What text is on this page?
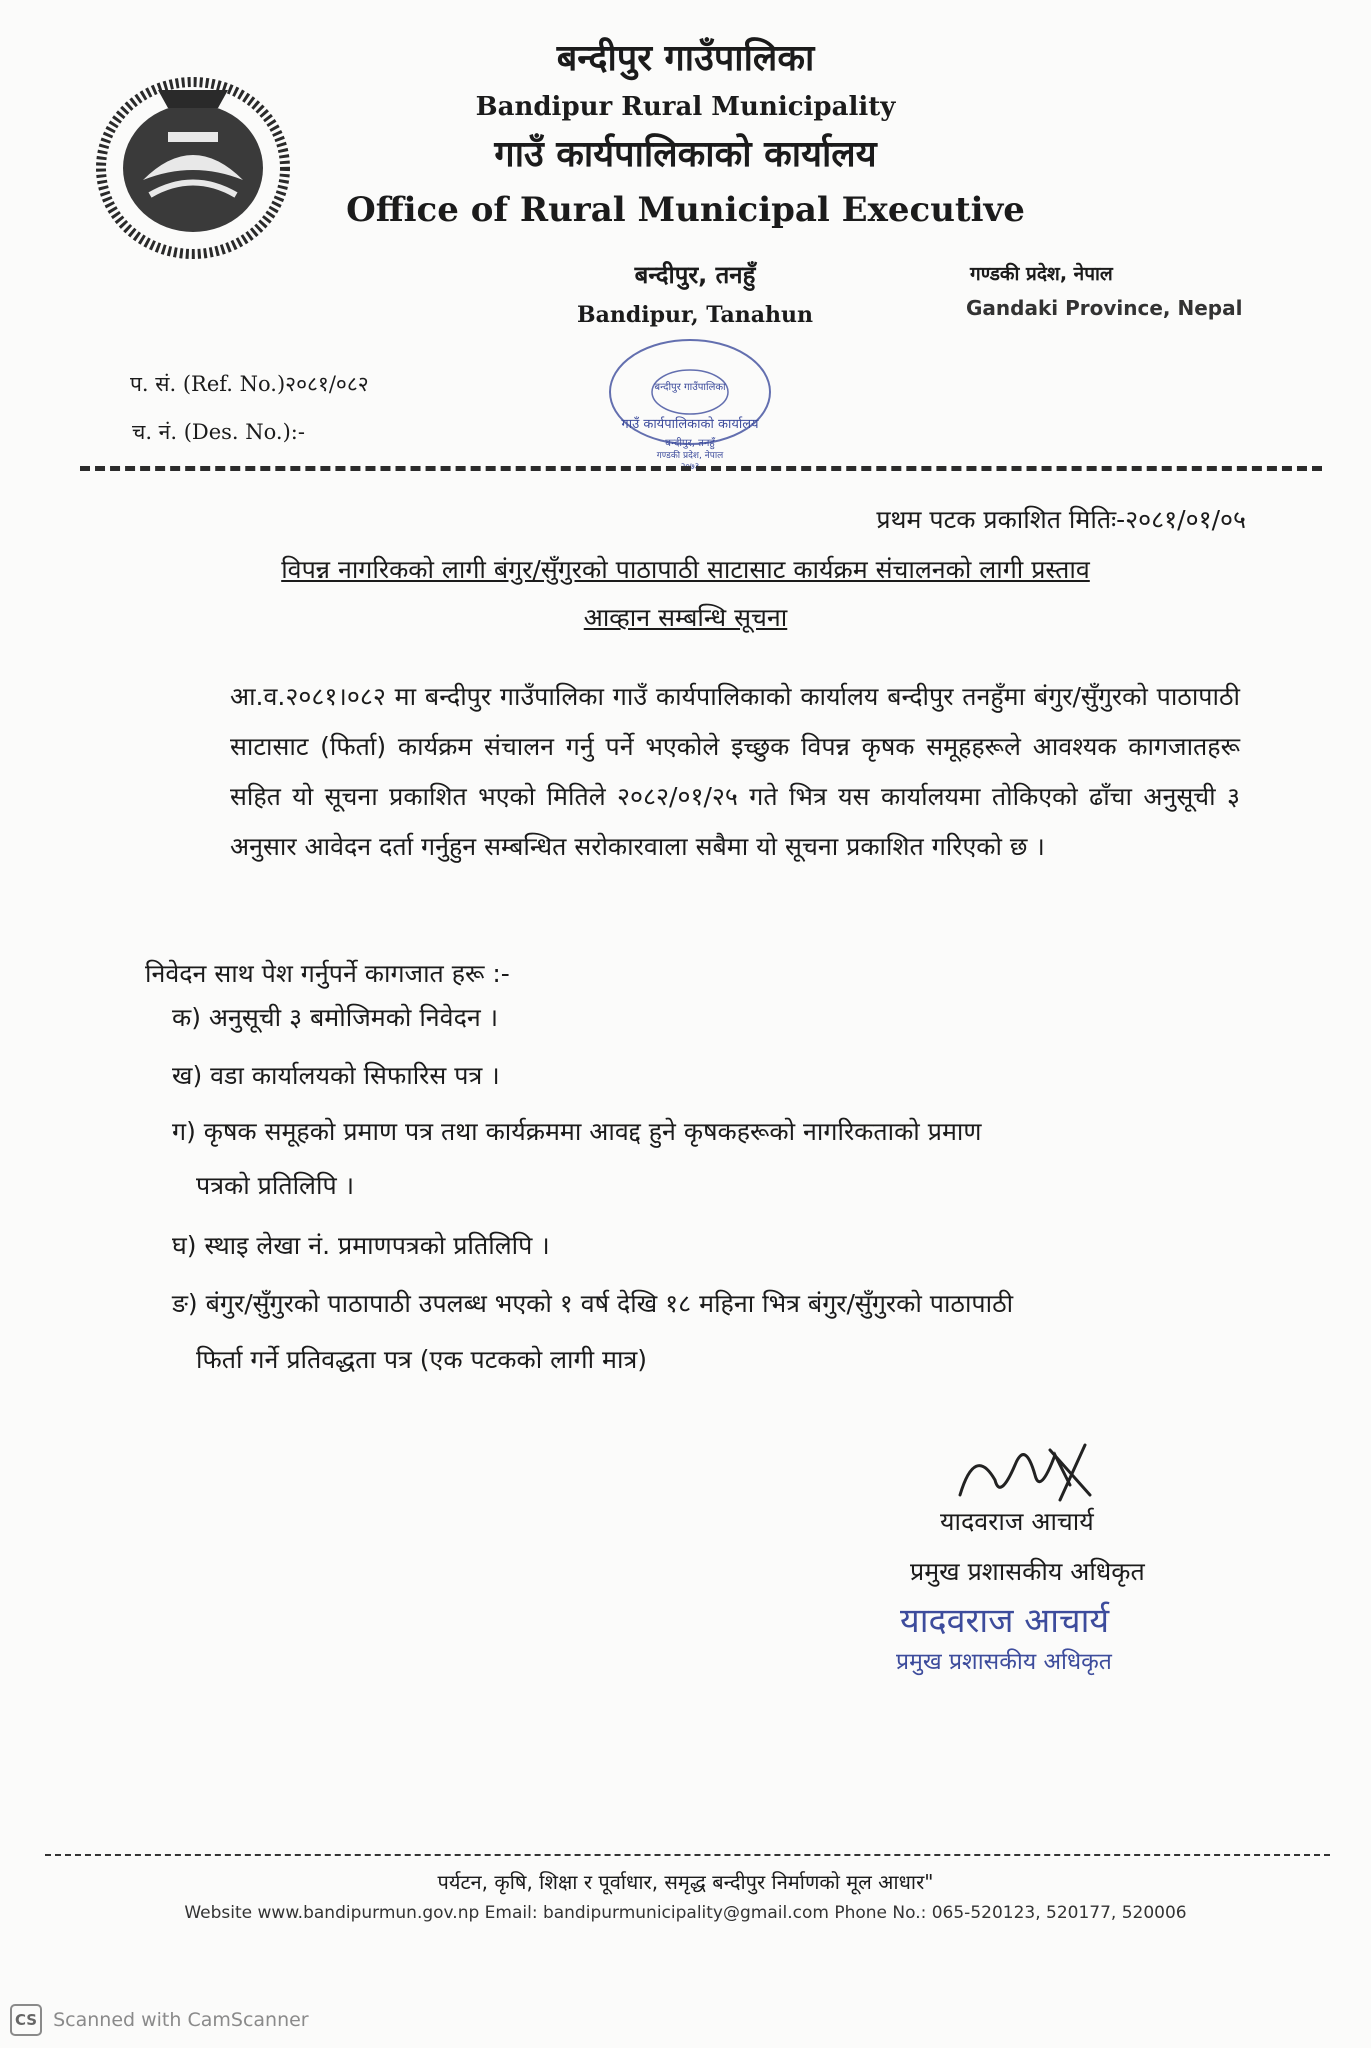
बन्दीपुर गाउँपालिका
Bandipur Rural Municipality
गाउँ कार्यपालिकाको कार्यालय
Office of Rural Municipal Executive
बन्दीपुर, तनहुँ
Bandipur, Tanahun
गण्डकी प्रदेश, नेपाल
Gandaki Province, Nepal
प. सं. (Ref. No.)२०८१/०८२
च. नं. (Des. No.):-
बन्दीपुर गाउँपालिका
गाउँ कार्यपालिकाको कार्यालय
बन्दीपुर, तनहुँ
गण्डकी प्रदेश, नेपाल
२०७३
प्रथम पटक प्रकाशित मितिः-२०८१/०१/०५
विपन्न नागरिकको लागी बंगुर/सुँगुरको पाठापाठी साटासाट कार्यक्रम संचालनको लागी प्रस्ताव
आव्हान सम्बन्धि सूचना
आ.व.२०८१।०८२ मा बन्दीपुर गाउँपालिका गाउँ कार्यपालिकाको कार्यालय बन्दीपुर तनहुँमा बंगुर/सुँगुरको पाठापाठी साटासाट (फिर्ता) कार्यक्रम संचालन गर्नु पर्ने भएकोले इच्छुक विपन्न कृषक समूहहरूले आवश्यक कागजातहरू सहित यो सूचना प्रकाशित भएको मितिले २०८२/०१/२५ गते भित्र यस कार्यालयमा तोकिएको ढाँचा अनुसूची ३ अनुसार आवेदन दर्ता गर्नुहुन सम्बन्धित सरोकारवाला सबैमा यो सूचना प्रकाशित गरिएको छ ।
निवेदन साथ पेश गर्नुपर्ने कागजात हरू :-
क) अनुसूची ३ बमोजिमको निवेदन ।
ख) वडा कार्यालयको सिफारिस पत्र ।
ग) कृषक समूहको प्रमाण पत्र तथा कार्यक्रममा आवद्द हुने कृषकहरूको नागरिकताको प्रमाण
पत्रको प्रतिलिपि ।
घ) स्थाइ लेखा नं. प्रमाणपत्रको प्रतिलिपि ।
ङ) बंगुर/सुँगुरको पाठापाठी उपलब्ध भएको १ वर्ष देखि १८ महिना भित्र बंगुर/सुँगुरको पाठापाठी
फिर्ता गर्ने प्रतिवद्धता पत्र (एक पटकको लागी मात्र)
यादवराज आचार्य
प्रमुख प्रशासकीय अधिकृत
यादवराज आचार्य
प्रमुख प्रशासकीय अधिकृत
पर्यटन, कृषि, शिक्षा र पूर्वाधार, समृद्ध बन्दीपुर निर्माणको मूल आधार"
Website www.bandipurmun.gov.np Email: bandipurmunicipality@gmail.com Phone No.: 065-520123, 520177, 520006
CS Scanned with CamScanner
